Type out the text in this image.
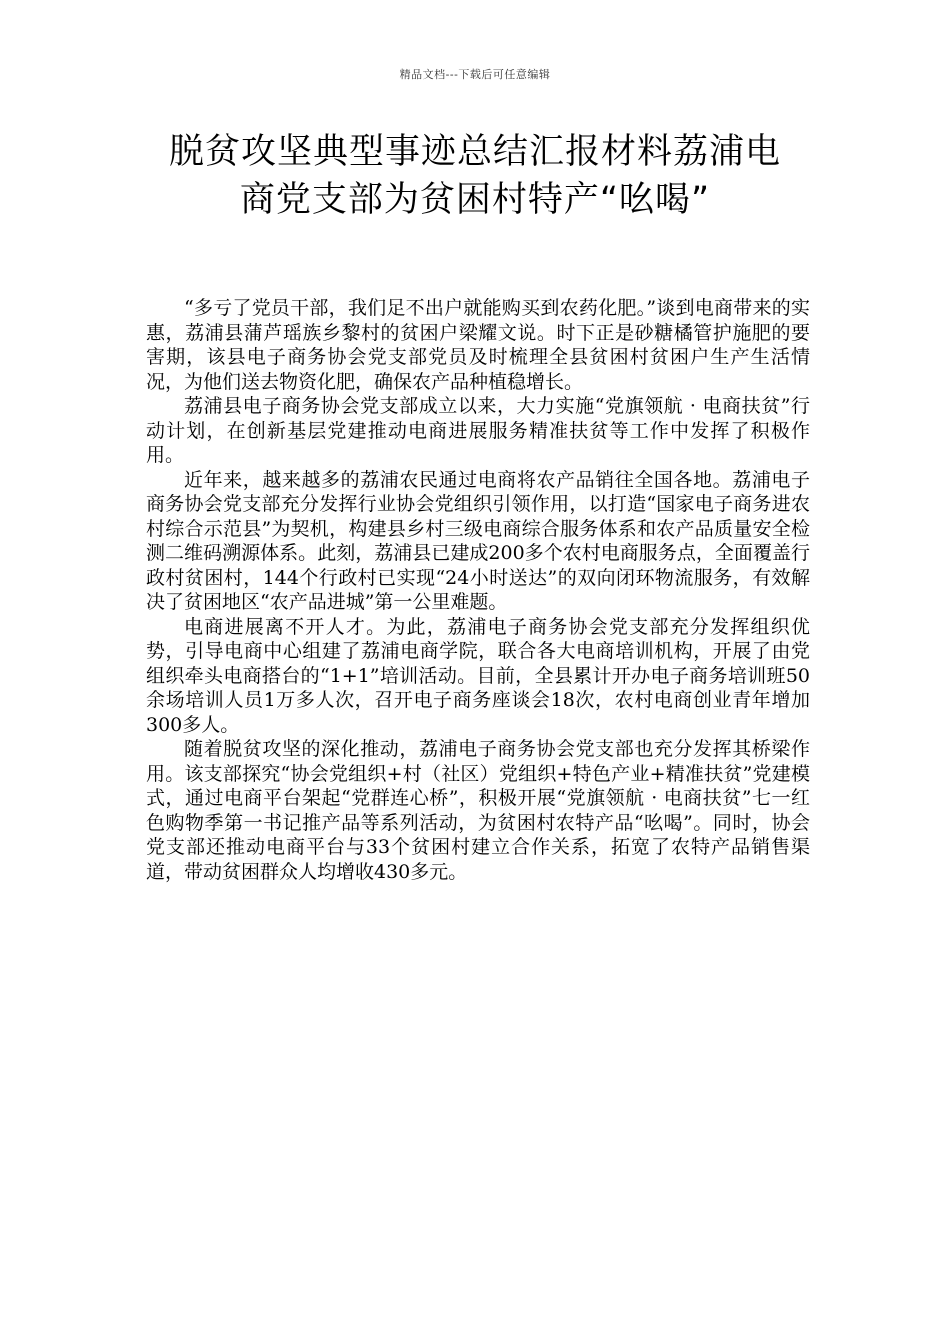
精品文档---下载后可任意编辑
脱贫攻坚典型事迹总结汇报材料荔浦电
商党支部为贫困村特产“吆喝”

“多亏了党员干部，我们足不出户就能购买到农药化肥。”谈到电商带来的实惠，荔浦县蒲芦瑶族乡黎村的贫困户梁耀文说。时下正是砂糖橘管护施肥的要害期，该县电子商务协会党支部党员及时梳理全县贫困村贫困户生产生活情况，为他们送去物资化肥，确保农产品种植稳增长。

荔浦县电子商务协会党支部成立以来，大力实施“党旗领航 · 电商扶贫”行动计划，在创新基层党建推动电商进展服务精准扶贫等工作中发挥了积极作用。

近年来，越来越多的荔浦农民通过电商将农产品销往全国各地。荔浦电子商务协会党支部充分发挥行业协会党组织引领作用，以打造“国家电子商务进农村综合示范县”为契机，构建县乡村三级电商综合服务体系和农产品质量安全检测二维码溯源体系。此刻，荔浦县已建成200多个农村电商服务点，全面覆盖行政村贫困村，144个行政村已实现“24小时送达”的双向闭环物流服务，有效解决了贫困地区“农产品进城”第一公里难题。

电商进展离不开人才。为此，荔浦电子商务协会党支部充分发挥组织优势，引导电商中心组建了荔浦电商学院，联合各大电商培训机构，开展了由党组织牵头电商搭台的“1+1”培训活动。目前，全县累计开办电子商务培训班50余场培训人员1万多人次，召开电子商务座谈会18次，农村电商创业青年增加300多人。

随着脱贫攻坚的深化推动，荔浦电子商务协会党支部也充分发挥其桥梁作用。该支部探究“协会党组织+村（社区）党组织+特色产业+精准扶贫”党建模式，通过电商平台架起“党群连心桥”，积极开展“党旗领航 · 电商扶贫”七一红色购物季第一书记推产品等系列活动，为贫困村农特产品“吆喝”。同时，协会党支部还推动电商平台与33个贫困村建立合作关系，拓宽了农特产品销售渠道，带动贫困群众人均增收430多元。
